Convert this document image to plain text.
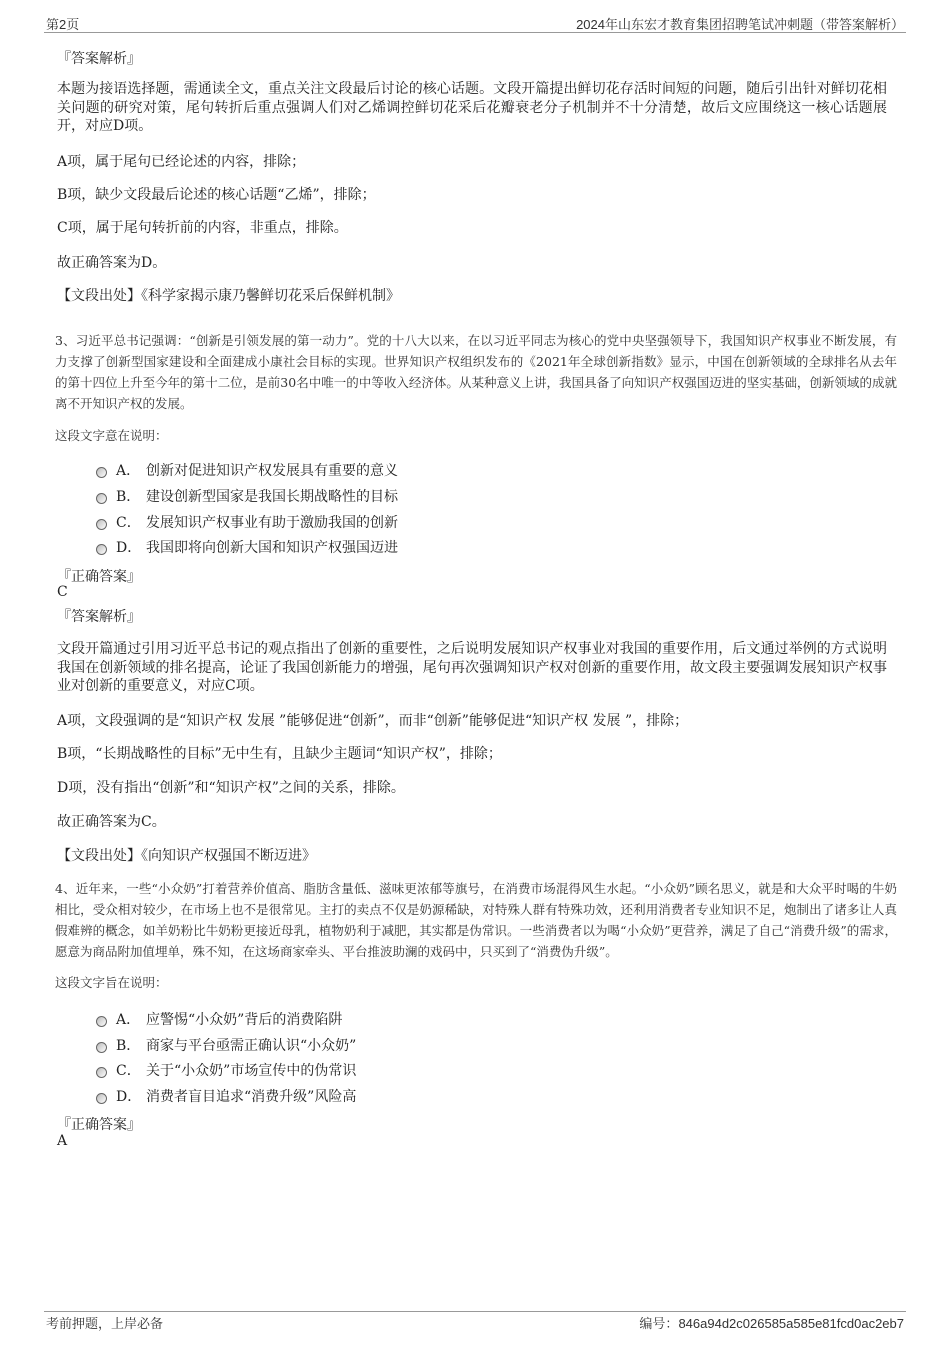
第2页	2024年山东宏才教育集团招聘笔试冲刺题（带答案解析）
『答案解析』
本题为接语选择题，需通读全文，重点关注文段最后讨论的核心话题。文段开篇提出鲜切花存活时间短的问题，随后引出针对鲜切花相关问题的研究对策，尾句转折后重点强调人们对乙烯调控鲜切花采后花瓣衰老分子机制并不十分清楚，故后文应围绕这一核心话题展开，对应D项。
A项，属于尾句已经论述的内容，排除；
B项，缺少文段最后论述的核心话题“乙烯”，排除；
C项，属于尾句转折前的内容，非重点，排除。
故正确答案为D。
【文段出处】《科学家揭示康乃馨鲜切花采后保鲜机制》
3、习近平总书记强调：“创新是引领发展的第一动力”。党的十八大以来，在以习近平同志为核心的党中央坚强领导下，我国知识产权事业不断发展，有力支撑了创新型国家建设和全面建成小康社会目标的实现。世界知识产权组织发布的《2021年全球创新指数》显示，中国在创新领域的全球排名从去年的第十四位上升至今年的第十二位，是前30名中唯一的中等收入经济体。从某种意义上讲，我国具备了向知识产权强国迈进的坚实基础，创新领域的成就离不开知识产权的发展。
这段文字意在说明：
A． 创新对促进知识产权发展具有重要的意义
B． 建设创新型国家是我国长期战略性的目标
C． 发展知识产权事业有助于激励我国的创新
D． 我国即将向创新大国和知识产权强国迈进
『正确答案』
C
『答案解析』
文段开篇通过引用习近平总书记的观点指出了创新的重要性，之后说明发展知识产权事业对我国的重要作用，后文通过举例的方式说明我国在创新领域的排名提高，论证了我国创新能力的增强，尾句再次强调知识产权对创新的重要作用，故文段主要强调发展知识产权事业对创新的重要意义，对应C项。
A项，文段强调的是“知识产权 发展 ”能够促进“创新”，而非“创新”能够促进“知识产权 发展 ”，排除；
B项，“长期战略性的目标”无中生有，且缺少主题词“知识产权”，排除；
D项，没有指出“创新”和“知识产权”之间的关系，排除。
故正确答案为C。
【文段出处】《向知识产权强国不断迈进》
4、近年来，一些“小众奶”打着营养价值高、脂肪含量低、滋味更浓郁等旗号，在消费市场混得风生水起。“小众奶”顾名思义，就是和大众平时喝的牛奶相比，受众相对较少，在市场上也不是很常见。主打的卖点不仅是奶源稀缺，对特殊人群有特殊功效，还利用消费者专业知识不足，炮制出了诸多让人真假难辨的概念，如羊奶粉比牛奶粉更接近母乳，植物奶利于减肥，其实都是伪常识。一些消费者以为喝“小众奶”更营养，满足了自己“消费升级”的需求，愿意为商品附加值埋单，殊不知，在这场商家牵头、平台推波助澜的戏码中，只买到了“消费伪升级”。
这段文字旨在说明：
A． 应警惕“小众奶”背后的消费陷阱
B． 商家与平台亟需正确认识“小众奶”
C． 关于“小众奶”市场宣传中的伪常识
D． 消费者盲目追求“消费升级”风险高
『正确答案』
A
考前押题，上岸必备	编号：846a94d2c026585a585e81fcd0ac2eb7
